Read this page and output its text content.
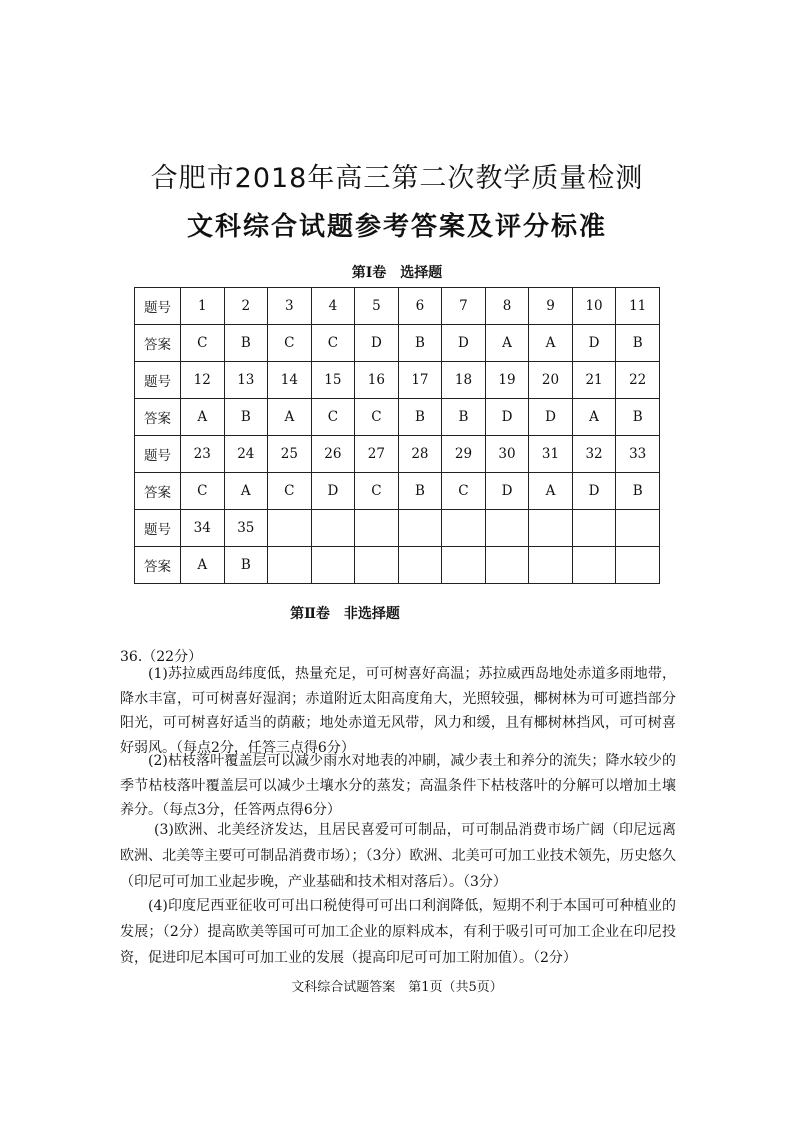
合肥市2018年高三第二次教学质量检测
文科综合试题参考答案及评分标准
第Ⅰ卷　选择题
题号	1	2	3	4	5	6	7	8	9	10	11
答案	C	B	C	C	D	B	D	A	A	D	B
题号	12	13	14	15	16	17	18	19	20	21	22
答案	A	B	A	C	C	B	B	D	D	A	B
题号	23	24	25	26	27	28	29	30	31	32	33
答案	C	A	C	D	C	B	C	D	A	D	B
题号	34	35									
答案	A	B									
第Ⅱ卷　非选择题
36.（22分）
(1)苏拉威西岛纬度低，热量充足，可可树喜好高温；苏拉威西岛地处赤道多雨地带，降水丰富，可可树喜好湿润；赤道附近太阳高度角大，光照较强，椰树林为可可遮挡部分阳光，可可树喜好适当的荫蔽；地处赤道无风带，风力和缓，且有椰树林挡风，可可树喜好弱风。（每点2分，任答三点得6分）
(2)枯枝落叶覆盖层可以减少雨水对地表的冲刷，减少表土和养分的流失；降水较少的季节枯枝落叶覆盖层可以减少土壤水分的蒸发；高温条件下枯枝落叶的分解可以增加土壤养分。（每点3分，任答两点得6分）
(3)欧洲、北美经济发达，且居民喜爱可可制品，可可制品消费市场广阔（印尼远离欧洲、北美等主要可可制品消费市场）；（3分）欧洲、北美可可加工业技术领先，历史悠久（印尼可可加工业起步晚，产业基础和技术相对落后）。（3分）
(4)印度尼西亚征收可可出口税使得可可出口利润降低，短期不利于本国可可种植业的发展；（2分）提高欧美等国可可加工企业的原料成本，有利于吸引可可加工企业在印尼投资，促进印尼本国可可加工业的发展（提高印尼可可加工附加值）。（2分）
文科综合试题答案　第1页（共5页）
